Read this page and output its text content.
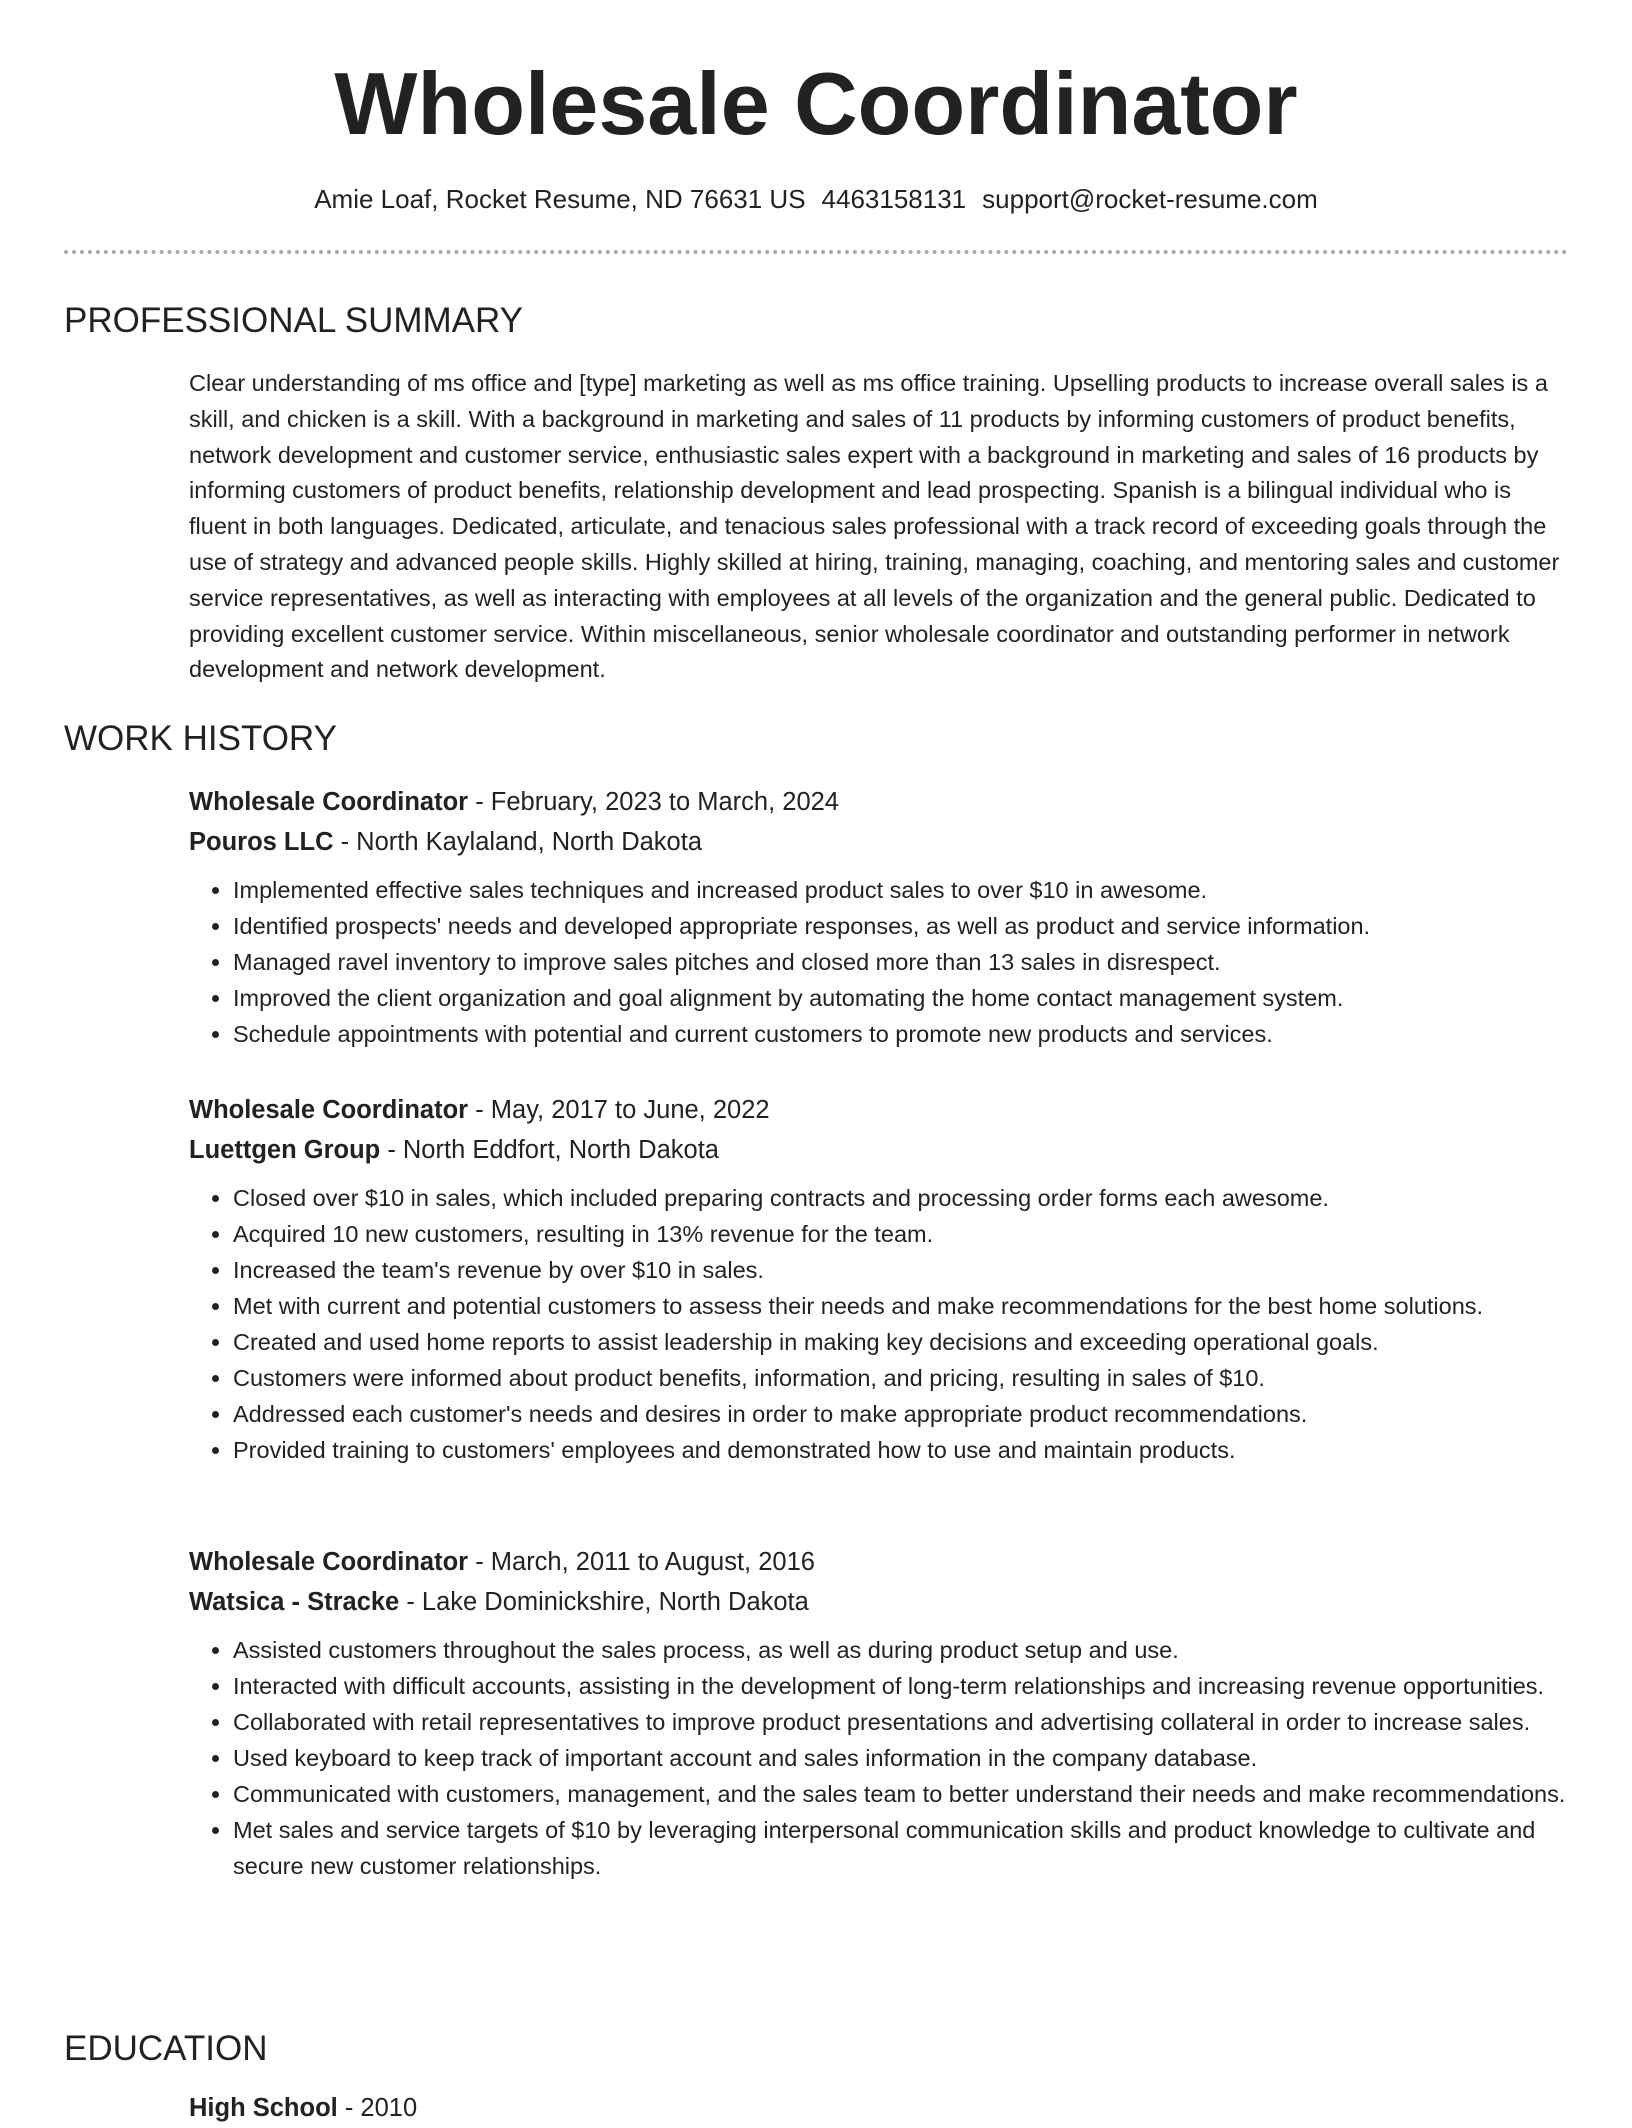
Wholesale Coordinator
Amie Loaf, Rocket Resume, ND 76631 US 4463158131 support@rocket-resume.com
PROFESSIONAL SUMMARY

Clear understanding of ms office and [type] marketing as well as ms office training. Upselling products to increase overall sales is a skill, and chicken is a skill. With a background in marketing and sales of 11 products by informing customers of product benefits, network development and customer service, enthusiastic sales expert with a background in marketing and sales of 16 products by informing customers of product benefits, relationship development and lead prospecting. Spanish is a bilingual individual who is fluent in both languages. Dedicated, articulate, and tenacious sales professional with a track record of exceeding goals through the use of strategy and advanced people skills. Highly skilled at hiring, training, managing, coaching, and mentoring sales and customer service representatives, as well as interacting with employees at all levels of the organization and the general public. Dedicated to providing excellent customer service. Within miscellaneous, senior wholesale coordinator and outstanding performer in network development and network development.

WORK HISTORY
Wholesale Coordinator - February, 2023 to March, 2024
Pouros LLC - North Kaylaland, North Dakota
• Implemented effective sales techniques and increased product sales to over $10 in awesome.
• Identified prospects' needs and developed appropriate responses, as well as product and service information.
• Managed ravel inventory to improve sales pitches and closed more than 13 sales in disrespect.
• Improved the client organization and goal alignment by automating the home contact management system.
• Schedule appointments with potential and current customers to promote new products and services.
Wholesale Coordinator - May, 2017 to June, 2022
Luettgen Group - North Eddfort, North Dakota
• Closed over $10 in sales, which included preparing contracts and processing order forms each awesome.
• Acquired 10 new customers, resulting in 13% revenue for the team.
• Increased the team's revenue by over $10 in sales.
• Met with current and potential customers to assess their needs and make recommendations for the best home solutions.
• Created and used home reports to assist leadership in making key decisions and exceeding operational goals.
• Customers were informed about product benefits, information, and pricing, resulting in sales of $10.
• Addressed each customer's needs and desires in order to make appropriate product recommendations.
• Provided training to customers' employees and demonstrated how to use and maintain products.
Wholesale Coordinator - March, 2011 to August, 2016
Watsica - Stracke - Lake Dominickshire, North Dakota
• Assisted customers throughout the sales process, as well as during product setup and use.
• Interacted with difficult accounts, assisting in the development of long-term relationships and increasing revenue opportunities.
• Collaborated with retail representatives to improve product presentations and advertising collateral in order to increase sales.
• Used keyboard to keep track of important account and sales information in the company database.
• Communicated with customers, management, and the sales team to better understand their needs and make recommendations.
• Met sales and service targets of $10 by leveraging interpersonal communication skills and product knowledge to cultivate and secure new customer relationships.
EDUCATION
High School - 2010
